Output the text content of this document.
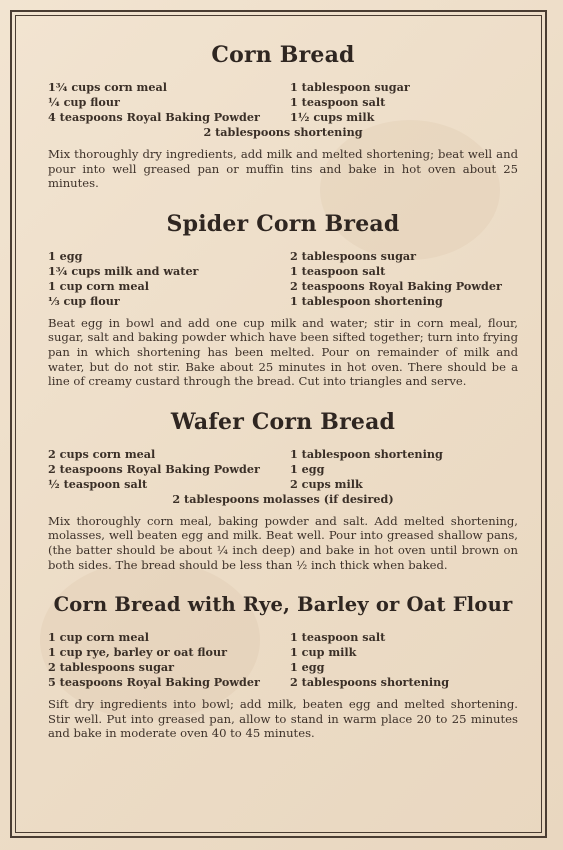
Corn Bread
1¾ cups corn meal	1 tablespoon sugar
¼ cup flour	1 teaspoon salt
4 teaspoons Royal Baking Powder	1½ cups milk
2 tablespoons shortening

Mix thoroughly dry ingredients, add milk and melted shortening; beat well and pour into well greased pan or muffin tins and bake in hot oven about 25 minutes.

Spider Corn Bread
1 egg	2 tablespoons sugar
1¾ cups milk and water	1 teaspoon salt
1 cup corn meal	2 teaspoons Royal Baking Powder
⅓ cup flour	1 tablespoon shortening

Beat egg in bowl and add one cup milk and water; stir in corn meal, flour, sugar, salt and baking powder which have been sifted together; turn into frying pan in which shortening has been melted. Pour on remainder of milk and water, but do not stir. Bake about 25 minutes in hot oven. There should be a line of creamy custard through the bread. Cut into triangles and serve.

Wafer Corn Bread
2 cups corn meal	1 tablespoon shortening
2 teaspoons Royal Baking Powder	1 egg
½ teaspoon salt	2 cups milk
2 tablespoons molasses (if desired)

Mix thoroughly corn meal, baking powder and salt. Add melted shortening, molasses, well beaten egg and milk. Beat well. Pour into greased shallow pans, (the batter should be about ¼ inch deep) and bake in hot oven until brown on both sides. The bread should be less than ½ inch thick when baked.

Corn Bread with Rye, Barley or Oat Flour
1 cup corn meal	1 teaspoon salt
1 cup rye, barley or oat flour	1 cup milk
2 tablespoons sugar	1 egg
5 teaspoons Royal Baking Powder	2 tablespoons shortening

Sift dry ingredients into bowl; add milk, beaten egg and melted shortening. Stir well. Put into greased pan, allow to stand in warm place 20 to 25 minutes and bake in moderate oven 40 to 45 minutes.
